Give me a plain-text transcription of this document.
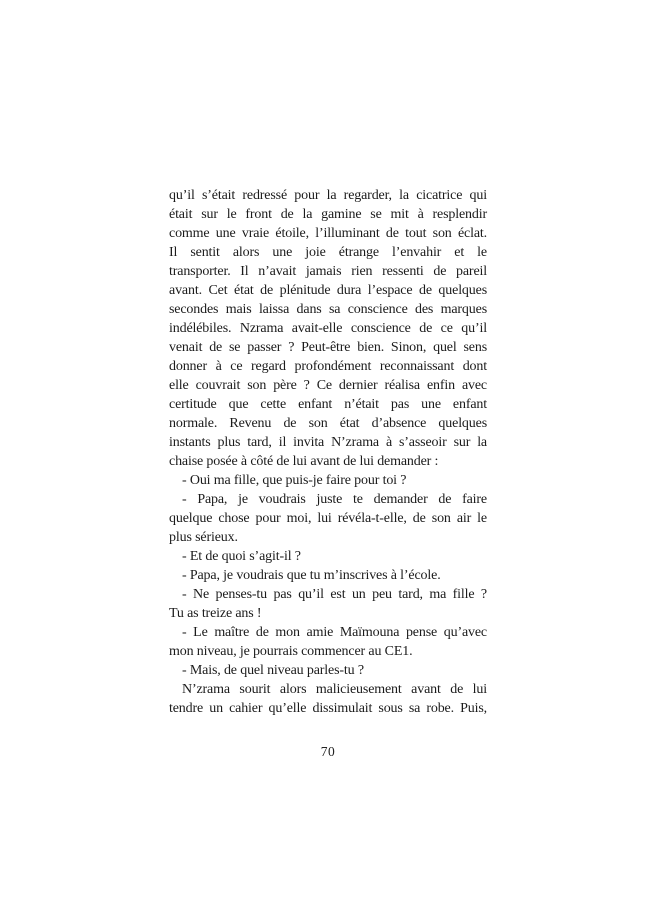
qu’il s’était redressé pour la regarder, la cicatrice qui
était sur le front de la gamine se mit à resplendir
comme une vraie étoile, l’illuminant de tout son éclat.
Il sentit alors une joie étrange l’envahir et le
transporter. Il n’avait jamais rien ressenti de pareil
avant. Cet état de plénitude dura l’espace de quelques
secondes mais laissa dans sa conscience des marques
indélébiles. Nzrama avait-elle conscience de ce qu’il
venait de se passer ? Peut-être bien. Sinon, quel sens
donner à ce regard profondément reconnaissant dont
elle couvrait son père ? Ce dernier réalisa enfin avec
certitude que cette enfant n’était pas une enfant
normale. Revenu de son état d’absence quelques
instants plus tard, il invita N’zrama à s’asseoir sur la
chaise posée à côté de lui avant de lui demander :
- Oui ma fille, que puis-je faire pour toi ?
- Papa, je voudrais juste te demander de faire
quelque chose pour moi, lui révéla-t-elle, de son air le
plus sérieux.
- Et de quoi s’agit-il ?
- Papa, je voudrais que tu m’inscrives à l’école.
- Ne penses-tu pas qu’il est un peu tard, ma fille ?
Tu as treize ans !
- Le maître de mon amie Maïmouna pense qu’avec
mon niveau, je pourrais commencer au CE1.
- Mais, de quel niveau parles-tu ?
N’zrama sourit alors malicieusement avant de lui
tendre un cahier qu’elle dissimulait sous sa robe. Puis,
70
